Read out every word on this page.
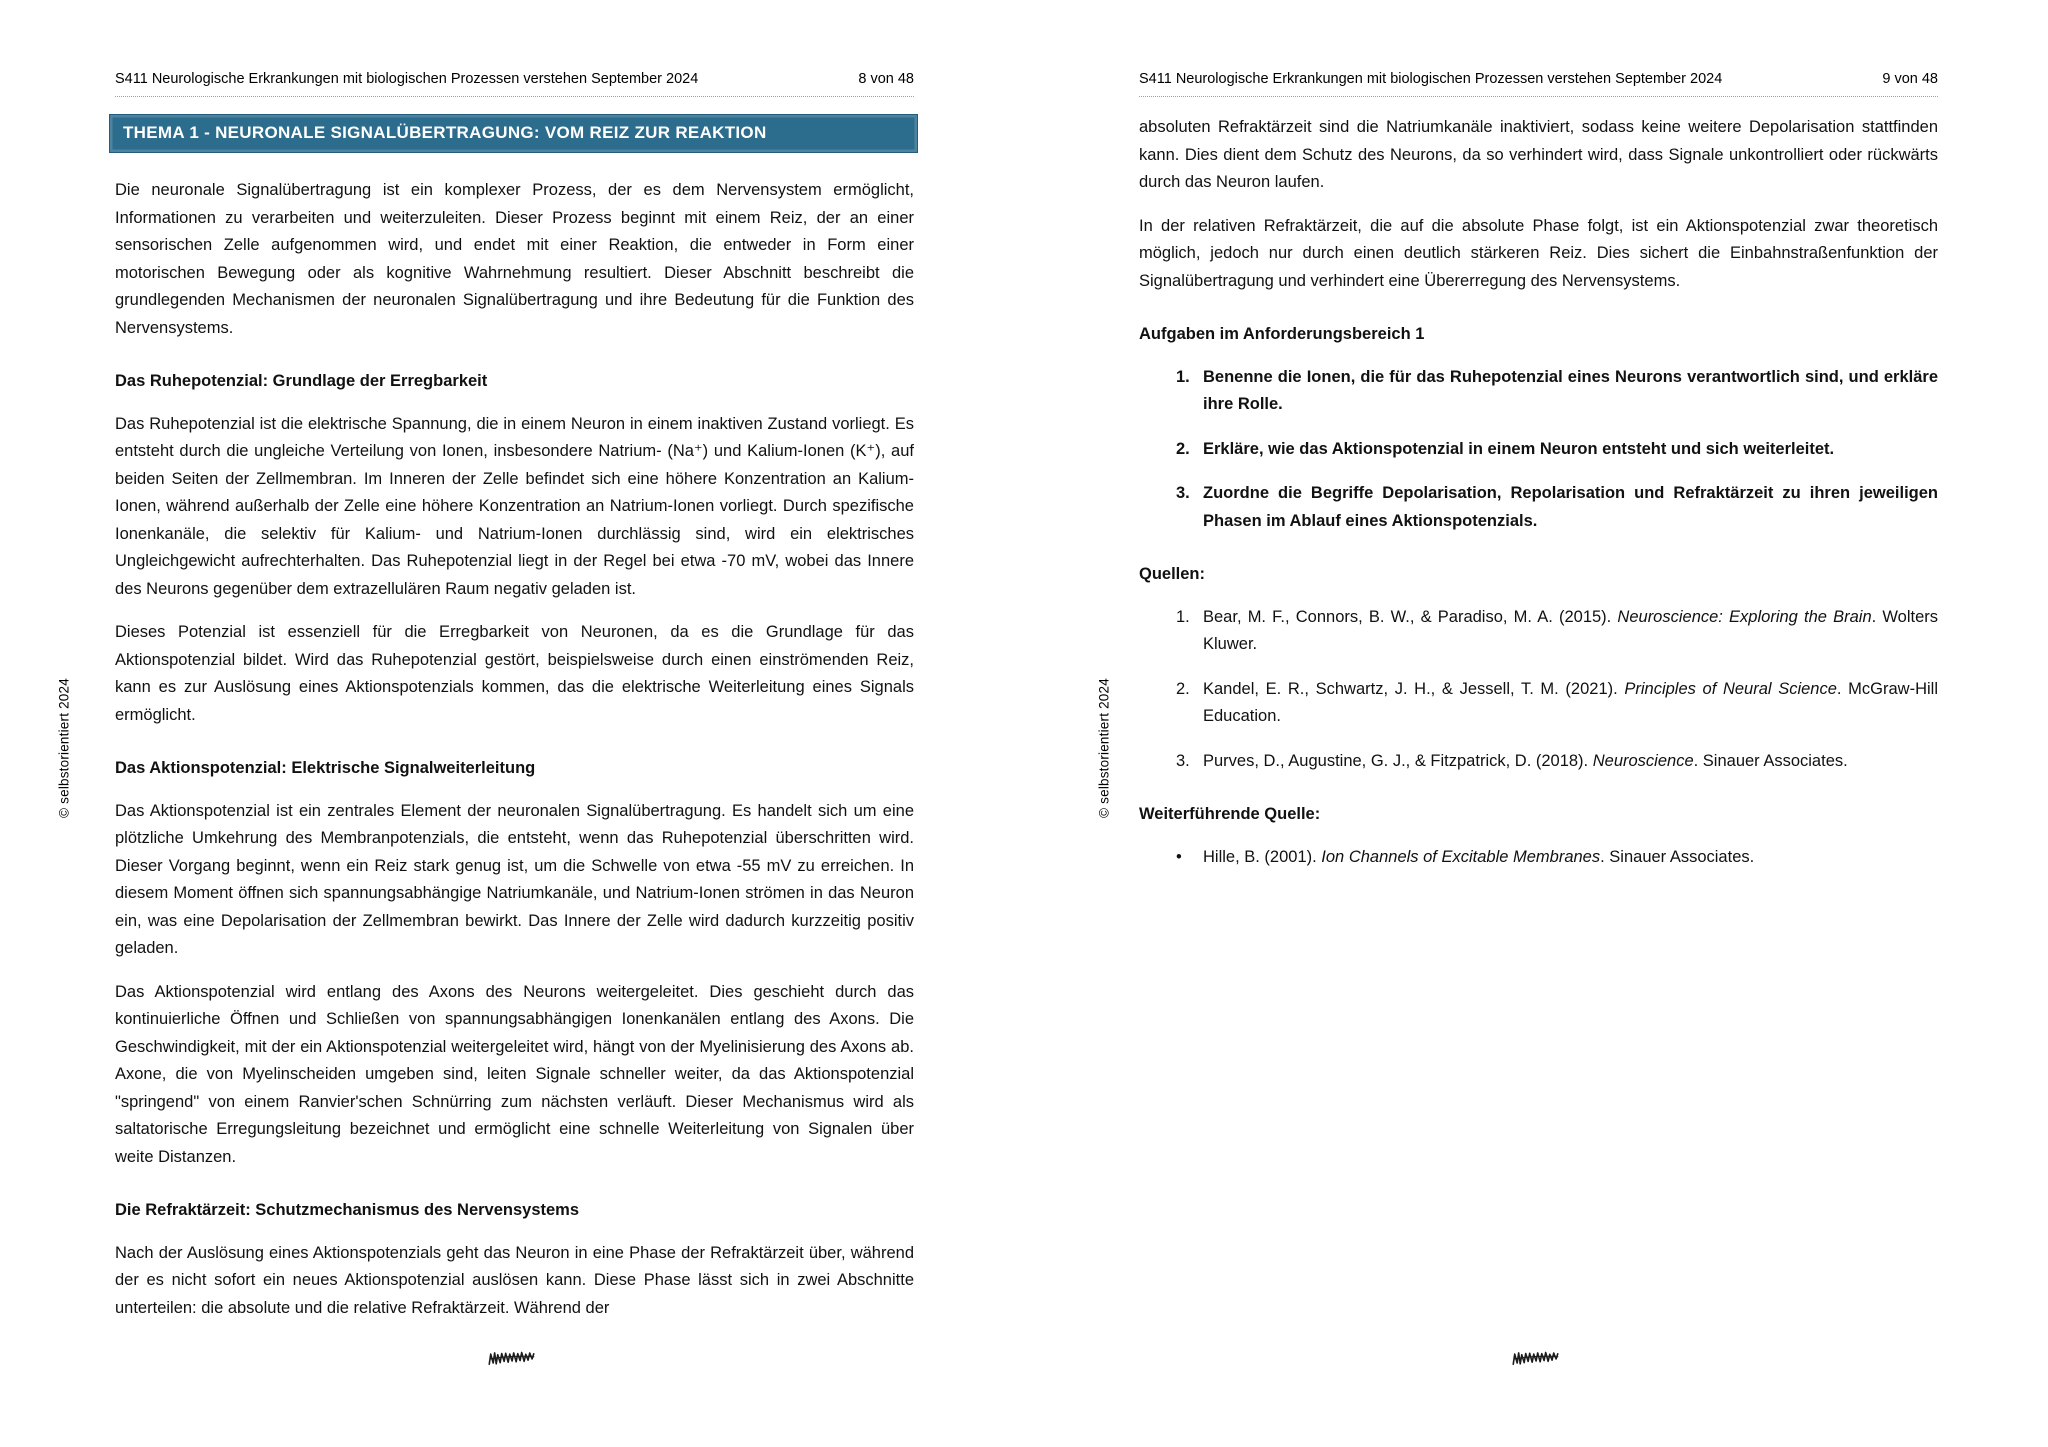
S411 Neurologische Erkrankungen mit biologischen Prozessen verstehen September 2024	8 von 48
© selbstorientiert 2024
THEMA 1 - NEURONALE SIGNALÜBERTRAGUNG: VOM REIZ ZUR REAKTION

Die neuronale Signalübertragung ist ein komplexer Prozess, der es dem Nervensystem ermöglicht, Informationen zu verarbeiten und weiterzuleiten. Dieser Prozess beginnt mit einem Reiz, der an einer sensorischen Zelle aufgenommen wird, und endet mit einer Reaktion, die entweder in Form einer motorischen Bewegung oder als kognitive Wahrnehmung resultiert. Dieser Abschnitt beschreibt die grundlegenden Mechanismen der neuronalen Signalübertragung und ihre Bedeutung für die Funktion des Nervensystems.

Das Ruhepotenzial: Grundlage der Erregbarkeit

Das Ruhepotenzial ist die elektrische Spannung, die in einem Neuron in einem inaktiven Zustand vorliegt. Es entsteht durch die ungleiche Verteilung von Ionen, insbesondere Natrium- (Na⁺) und Kalium-Ionen (K⁺), auf beiden Seiten der Zellmembran. Im Inneren der Zelle befindet sich eine höhere Konzentration an Kalium-Ionen, während außerhalb der Zelle eine höhere Konzentration an Natrium-Ionen vorliegt. Durch spezifische Ionenkanäle, die selektiv für Kalium- und Natrium-Ionen durchlässig sind, wird ein elektrisches Ungleichgewicht aufrechterhalten. Das Ruhepotenzial liegt in der Regel bei etwa -70 mV, wobei das Innere des Neurons gegenüber dem extrazellulären Raum negativ geladen ist.

Dieses Potenzial ist essenziell für die Erregbarkeit von Neuronen, da es die Grundlage für das Aktionspotenzial bildet. Wird das Ruhepotenzial gestört, beispielsweise durch einen einströmenden Reiz, kann es zur Auslösung eines Aktionspotenzials kommen, das die elektrische Weiterleitung eines Signals ermöglicht.

Das Aktionspotenzial: Elektrische Signalweiterleitung

Das Aktionspotenzial ist ein zentrales Element der neuronalen Signalübertragung. Es handelt sich um eine plötzliche Umkehrung des Membranpotenzials, die entsteht, wenn das Ruhepotenzial überschritten wird. Dieser Vorgang beginnt, wenn ein Reiz stark genug ist, um die Schwelle von etwa -55 mV zu erreichen. In diesem Moment öffnen sich spannungsabhängige Natriumkanäle, und Natrium-Ionen strömen in das Neuron ein, was eine Depolarisation der Zellmembran bewirkt. Das Innere der Zelle wird dadurch kurzzeitig positiv geladen.

Das Aktionspotenzial wird entlang des Axons des Neurons weitergeleitet. Dies geschieht durch das kontinuierliche Öffnen und Schließen von spannungsabhängigen Ionenkanälen entlang des Axons. Die Geschwindigkeit, mit der ein Aktionspotenzial weitergeleitet wird, hängt von der Myelinisierung des Axons ab. Axone, die von Myelinscheiden umgeben sind, leiten Signale schneller weiter, da das Aktionspotenzial "springend" von einem Ranvier'schen Schnürring zum nächsten verläuft. Dieser Mechanismus wird als saltatorische Erregungsleitung bezeichnet und ermöglicht eine schnelle Weiterleitung von Signalen über weite Distanzen.

Die Refraktärzeit: Schutzmechanismus des Nervensystems

Nach der Auslösung eines Aktionspotenzials geht das Neuron in eine Phase der Refraktärzeit über, während der es nicht sofort ein neues Aktionspotenzial auslösen kann. Diese Phase lässt sich in zwei Abschnitte unterteilen: die absolute und die relative Refraktärzeit. Während der

S411 Neurologische Erkrankungen mit biologischen Prozessen verstehen September 2024	9 von 48
© selbstorientiert 2024

absoluten Refraktärzeit sind die Natriumkanäle inaktiviert, sodass keine weitere Depolarisation stattfinden kann. Dies dient dem Schutz des Neurons, da so verhindert wird, dass Signale unkontrolliert oder rückwärts durch das Neuron laufen.

In der relativen Refraktärzeit, die auf die absolute Phase folgt, ist ein Aktionspotenzial zwar theoretisch möglich, jedoch nur durch einen deutlich stärkeren Reiz. Dies sichert die Einbahnstraßenfunktion der Signalübertragung und verhindert eine Übererregung des Nervensystems.

Aufgaben im Anforderungsbereich 1
1. Benenne die Ionen, die für das Ruhepotenzial eines Neurons verantwortlich sind, und erkläre ihre Rolle.
2. Erkläre, wie das Aktionspotenzial in einem Neuron entsteht und sich weiterleitet.
3. Zuordne die Begriffe Depolarisation, Repolarisation und Refraktärzeit zu ihren jeweiligen Phasen im Ablauf eines Aktionspotenzials.
Quellen:
1. Bear, M. F., Connors, B. W., & Paradiso, M. A. (2015). Neuroscience: Exploring the Brain. Wolters Kluwer.
2. Kandel, E. R., Schwartz, J. H., & Jessell, T. M. (2021). Principles of Neural Science. McGraw-Hill Education.
3. Purves, D., Augustine, G. J., & Fitzpatrick, D. (2018). Neuroscience. Sinauer Associates.
Weiterführende Quelle:
•	Hille, B. (2001). Ion Channels of Excitable Membranes. Sinauer Associates.
